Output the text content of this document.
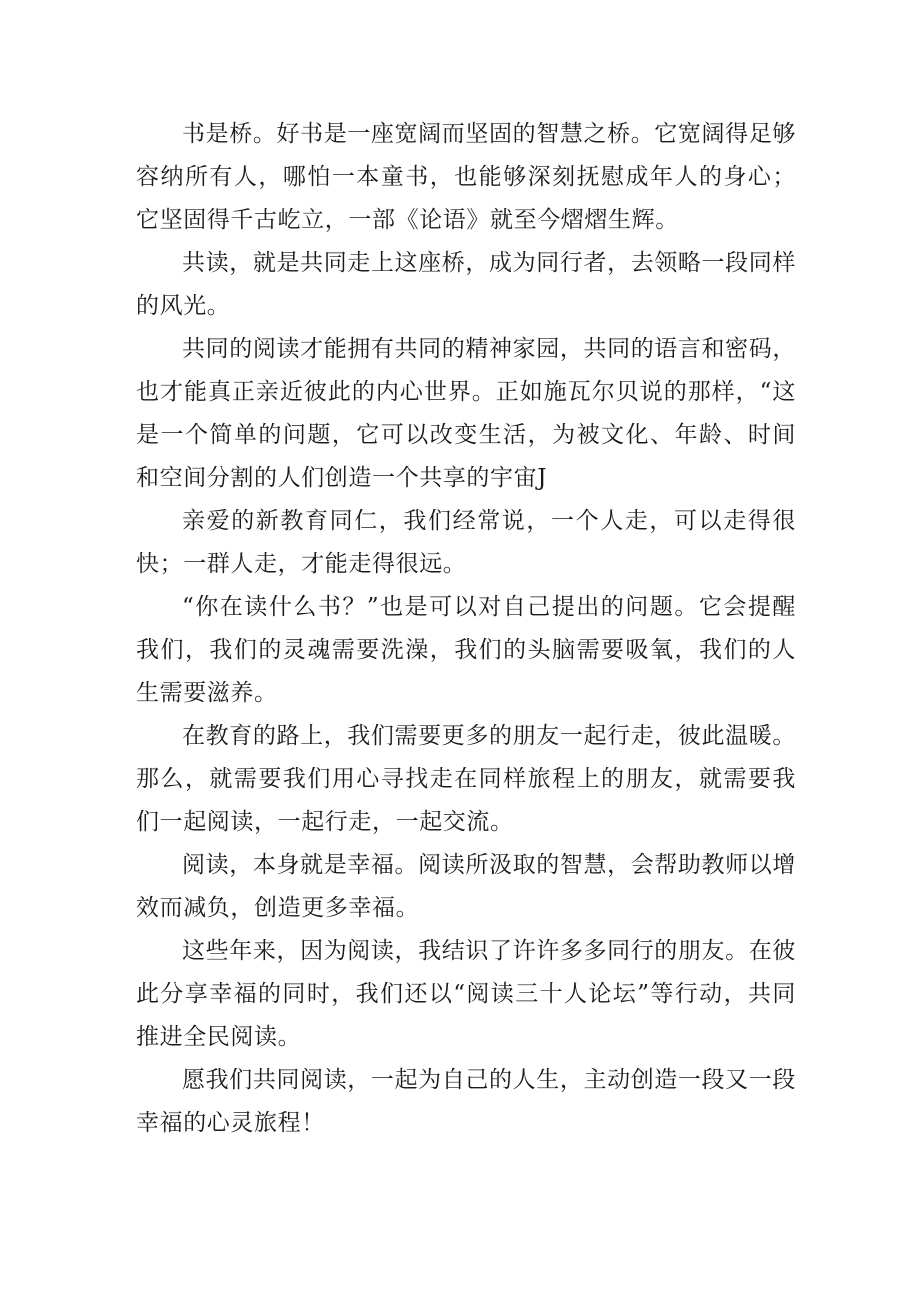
书是桥。好书是一座宽阔而坚固的智慧之桥。它宽阔得足够容纳所有人，哪怕一本童书，也能够深刻抚慰成年人的身心；它坚固得千古屹立，一部《论语》就至今熠熠生辉。

共读，就是共同走上这座桥，成为同行者，去领略一段同样的风光。

共同的阅读才能拥有共同的精神家园，共同的语言和密码，也才能真正亲近彼此的内心世界。正如施瓦尔贝说的那样，“这是一个简单的问题，它可以改变生活，为被文化、年龄、时间和空间分割的人们创造一个共享的宇宙J

亲爱的新教育同仁，我们经常说，一个人走，可以走得很快；一群人走，才能走得很远。

“你在读什么书？”也是可以对自己提出的问题。它会提醒我们，我们的灵魂需要洗澡，我们的头脑需要吸氧，我们的人生需要滋养。

在教育的路上，我们需要更多的朋友一起行走，彼此温暖。那么，就需要我们用心寻找走在同样旅程上的朋友，就需要我们一起阅读，一起行走，一起交流。

阅读，本身就是幸福。阅读所汲取的智慧，会帮助教师以增效而减负，创造更多幸福。

这些年来，因为阅读，我结识了许许多多同行的朋友。在彼此分享幸福的同时，我们还以“阅读三十人论坛”等行动，共同推进全民阅读。

愿我们共同阅读，一起为自己的人生，主动创造一段又一段幸福的心灵旅程！
